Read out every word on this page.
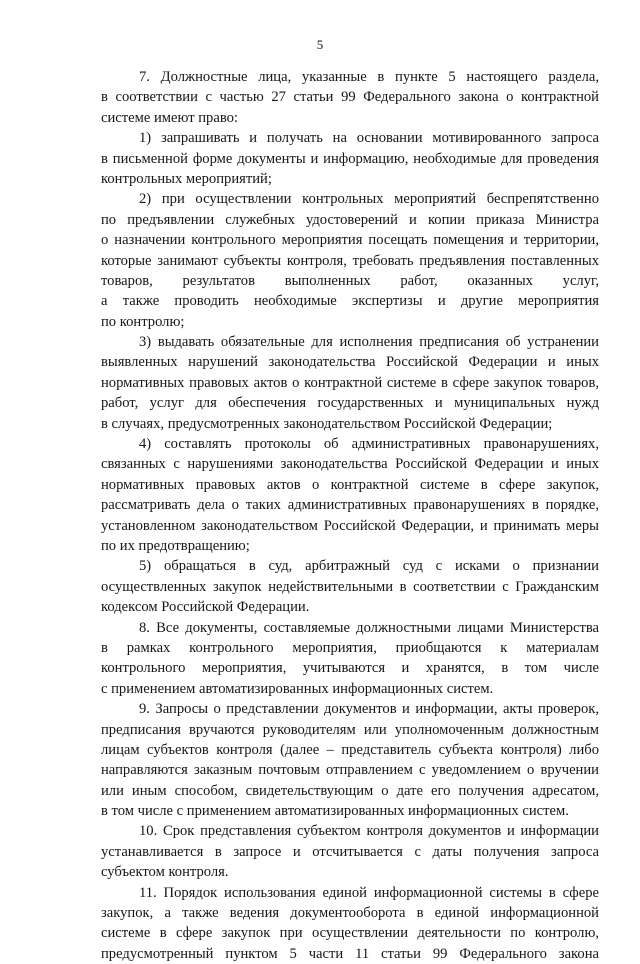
5
7. Должностные лица, указанные в пункте 5 настоящего раздела,
в соответствии с частью 27 статьи 99 Федерального закона о контрактной
системе имеют право:
1) запрашивать и получать на основании мотивированного запроса
в письменной форме документы и информацию, необходимые для проведения
контрольных мероприятий;
2) при осуществлении контрольных мероприятий беспрепятственно
по предъявлении служебных удостоверений и копии приказа Министра
о назначении контрольного мероприятия посещать помещения и территории,
которые занимают субъекты контроля, требовать предъявления поставленных
товаров, результатов выполненных работ, оказанных услуг,
а также проводить необходимые экспертизы и другие мероприятия
по контролю;
3) выдавать обязательные для исполнения предписания об устранении
выявленных нарушений законодательства Российской Федерации и иных
нормативных правовых актов о контрактной системе в сфере закупок товаров,
работ, услуг для обеспечения государственных и муниципальных нужд
в случаях, предусмотренных законодательством Российской Федерации;
4) составлять протоколы об административных правонарушениях,
связанных с нарушениями законодательства Российской Федерации и иных
нормативных правовых актов о контрактной системе в сфере закупок,
рассматривать дела о таких административных правонарушениях в порядке,
установленном законодательством Российской Федерации, и принимать меры
по их предотвращению;
5) обращаться в суд, арбитражный суд с исками о признании
осуществленных закупок недействительными в соответствии с Гражданским
кодексом Российской Федерации.
8. Все документы, составляемые должностными лицами Министерства
в рамках контрольного мероприятия, приобщаются к материалам
контрольного мероприятия, учитываются и хранятся, в том числе
с применением автоматизированных информационных систем.
9. Запросы о представлении документов и информации, акты проверок,
предписания вручаются руководителям или уполномоченным должностным
лицам субъектов контроля (далее – представитель субъекта контроля) либо
направляются заказным почтовым отправлением с уведомлением о вручении
или иным способом, свидетельствующим о дате его получения адресатом,
в том числе с применением автоматизированных информационных систем.
10. Срок представления субъектом контроля документов и информации
устанавливается в запросе и отсчитывается с даты получения запроса
субъектом контроля.
11. Порядок использования единой информационной системы в сфере
закупок, а также ведения документооборота в единой информационной
системе в сфере закупок при осуществлении деятельности по контролю,
предусмотренный пунктом 5 части 11 статьи 99 Федерального закона
